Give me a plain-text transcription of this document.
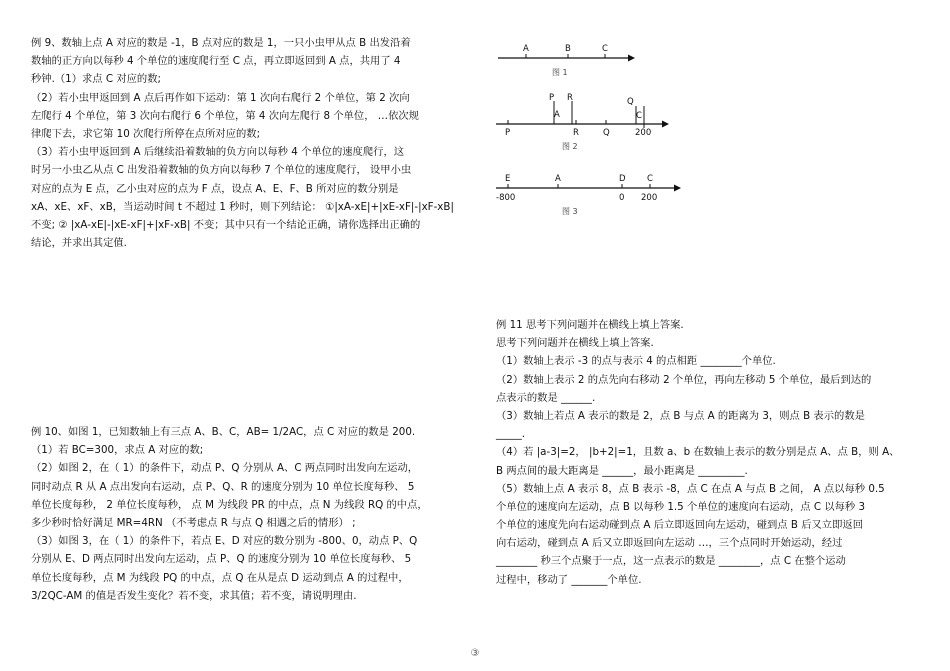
例 9、数轴上点 A 对应的数是 -1，B 点对应的数是 1，一只小虫甲从点 B 出发沿着
数轴的正方向以每秒 4 个单位的速度爬行至 C 点，再立即返回到 A 点，共用了 4
秒钟.（1）求点 C 对应的数;
（2）若小虫甲返回到 A 点后再作如下运动：第 1 次向右爬行 2 个单位，第 2 次向
左爬行 4 个单位，第 3 次向右爬行 6 个单位，第 4 次向左爬行 8 个单位， …依次规
律爬下去，求它第 10 次爬行所停在点所对应的数;
（3）若小虫甲返回到 A 后继续沿着数轴的负方向以每秒 4 个单位的速度爬行，这
时另一小虫乙从点 C 出发沿着数轴的负方向以每秒 7 个单位的速度爬行， 设甲小虫
对应的点为 E 点，乙小虫对应的点为 F 点，设点 A、E、F、B 所对应的数分别是
xA、xE、xF、xB，当运动时间 t 不超过 1 秒时，则下列结论： ①|xA-xE|+|xE-xF|-|xF-xB|
不变; ② |xA-xE|-|xE-xF|+|xF-xB| 不变；其中只有一个结论正确，请你选择出正确的
结论，并求出其定值.
例 10、如图 1，已知数轴上有三点 A、B、C，AB= 1/2AC，点 C 对应的数是 200.
（1）若 BC=300，求点 A 对应的数;
（2）如图 2，在（ 1）的条件下，动点 P、Q 分别从 A、C 两点同时出发向左运动，
同时动点 R 从 A 点出发向右运动，点 P、Q、R 的速度分别为 10 单位长度每秒、 5
单位长度每秒， 2 单位长度每秒， 点 M 为线段 PR 的中点，点 N 为线段 RQ 的中点，
多少秒时恰好满足 MR=4RN （不考虑点 R 与点 Q 相遇之后的情形） ;
（3）如图 3，在（ 1）的条件下，若点 E、D 对应的数分别为 -800、0，动点 P、Q
分别从 E、D 两点同时出发向左运动，点 P、Q 的速度分别为 10 单位长度每秒、 5
单位长度每秒，点 M 为线段 PQ 的中点，点 Q 在从是点 D 运动到点 A 的过程中，
3/2QC-AM 的值是否发生变化？若不变，求其值；若不变，请说明理由.
例 11 思考下列问题并在横线上填上答案.
思考下列问题并在横线上填上答案.
（1）数轴上表示 -3 的点与表示 4 的点相距 ________个单位.
（2）数轴上表示 2 的点先向右移动 2 个单位，再向左移动 5 个单位，最后到达的
点表示的数是 ______.
（3）数轴上若点 A 表示的数是 2，点 B 与点 A 的距离为 3，则点 B 表示的数是
_____.
（4）若 |a-3|=2， |b+2|=1，且数 a、b 在数轴上表示的数分别是点 A、点 B，则 A、
B 两点间的最大距离是 ______，最小距离是 _________.
（5）数轴上点 A 表示 8，点 B 表示 -8，点 C 在点 A 与点 B 之间， A 点以每秒 0.5
个单位的速度向左运动，点 B 以每秒 1.5 个单位的速度向右运动，点 C 以每秒 3
个单位的速度先向右运动碰到点 A 后立即返回向左运动，碰到点 B 后又立即返回
向右运动，碰到点 A 后又立即返回向左运动 …，三个点同时开始运动，经过
________ 秒三个点聚于一点，这一点表示的数是 ________，点 C 在整个运动
过程中，移动了 _______个单位.
A	B	C
图 1
P R
A
Q
C
P	R	Q	200
图 2
E	A	D	C
-800	0 200
图 3
③
